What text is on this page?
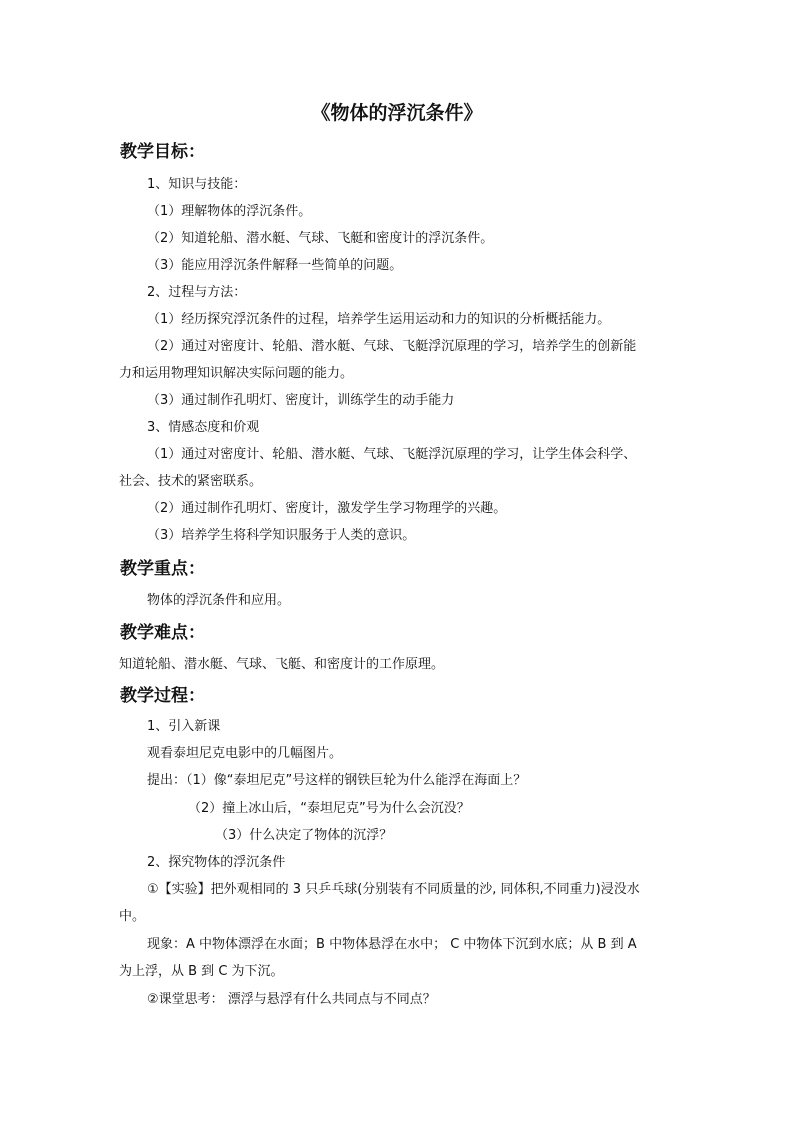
《物体的浮沉条件》
教学目标：
1、知识与技能：
（1）理解物体的浮沉条件。
（2）知道轮船、潜水艇、气球、飞艇和密度计的浮沉条件。
（3）能应用浮沉条件解释一些简单的问题。
2、过程与方法：
（1）经历探究浮沉条件的过程，培养学生运用运动和力的知识的分析概括能力。
（2）通过对密度计、轮船、潜水艇、气球、飞艇浮沉原理的学习，培养学生的创新能
力和运用物理知识解决实际问题的能力。
（3）通过制作孔明灯、密度计，训练学生的动手能力
3、情感态度和价观
（1）通过对密度计、轮船、潜水艇、气球、飞艇浮沉原理的学习，让学生体会科学、
社会、技术的紧密联系。
（2）通过制作孔明灯、密度计，激发学生学习物理学的兴趣。
（3）培养学生将科学知识服务于人类的意识。
教学重点：
物体的浮沉条件和应用。
教学难点：
知道轮船、潜水艇、气球、飞艇、和密度计的工作原理。
教学过程：
1、引入新课
观看泰坦尼克电影中的几幅图片。
提出：（1）像“泰坦尼克”号这样的钢铁巨轮为什么能浮在海面上？
（2）撞上冰山后，“泰坦尼克”号为什么会沉没？
（3）什么决定了物体的沉浮？
2、探究物体的浮沉条件
①【实验】把外观相同的 3 只乒乓球(分别装有不同质量的沙, 同体积,不同重力)浸没水
中。
现象：A 中物体漂浮在水面；B 中物体悬浮在水中； C 中物体下沉到水底；从 B 到 A
为上浮，从 B 到 C 为下沉。
②课堂思考： 漂浮与悬浮有什么共同点与不同点？
